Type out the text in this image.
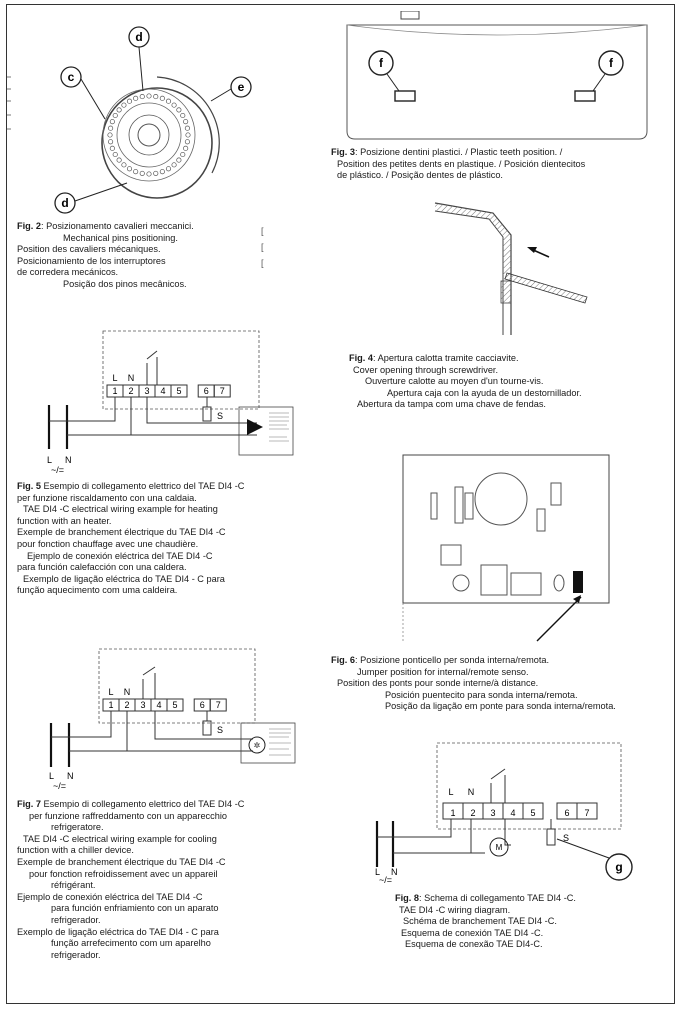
d
c
e
d
Fig. 2: Posizionamento cavalieri meccanici.
Mechanical pins positioning.
Position des cavaliers mécaniques.
Posicionamiento de los interruptores
de corredera mecánicos.
Posição dos pinos mecânicos.
[
[
[
L N
1 2 3 4 5 6 7
S
L N
~/=
Fig. 5 Esempio di collegamento elettrico del TAE DI4 -C
per funzione riscaldamento con una caldaia.
TAE DI4 -C electrical wiring example for heating
function with an heater.
Exemple de branchement électrique du TAE DI4 -C
pour fonction chauffage avec une chaudière.
Ejemplo de conexión eléctrica del TAE DI4 -C
para función calefacción con una caldera.
Exemplo de ligação eléctrica do TAE DI4 - C para
função aquecimento com uma caldeira.
L N
1 2 3 4 5 6 7
S
L N
~/=
✲
Fig. 7 Esempio di collegamento elettrico del TAE DI4 -C
per funzione raffreddamento con un apparecchio
refrigeratore.
TAE DI4 -C electrical wiring example for cooling
function with a chiller device.
Exemple de branchement électrique du TAE DI4 -C
pour fonction refroidissement avec un appareil
réfrigérant.
Ejemplo de conexión eléctrica del TAE DI4 -C
para función enfriamiento con un aparato
refrigerador.
Exemplo de ligação eléctrica do TAE DI4 - C para
função arrefecimento com um aparelho
refrigerador.
f	f
Fig. 3: Posizione dentini plastici. / Plastic teeth position. /
Position des petites dents en plastique. / Posición dientecitos
de plástico. / Posição dentes de plástico.
Fig. 4: Apertura calotta tramite cacciavite.
Cover opening through screwdriver.
Ouverture calotte au moyen d'un tourne-vis.
Apertura caja con la ayuda de un destornillador.
Abertura da tampa com uma chave de fendas.
Fig. 6: Posizione ponticello per sonda interna/remota.
Jumper position for internal/remote senso.
Position des ponts pour sonde interne/à distance.
Posición puentecito para sonda interna/remota.
Posição da ligação em ponte para sonda interna/remota.
L N
1 2 3 4 5	6 7
S
L N
~/=
M
g
Fig. 8: Schema di collegamento TAE DI4 -C.
TAE DI4 -C wiring diagram.
Schéma de branchement TAE DI4 -C.
Esquema de conexión TAE DI4 -C.
Esquema de conexão TAE DI4-C.
